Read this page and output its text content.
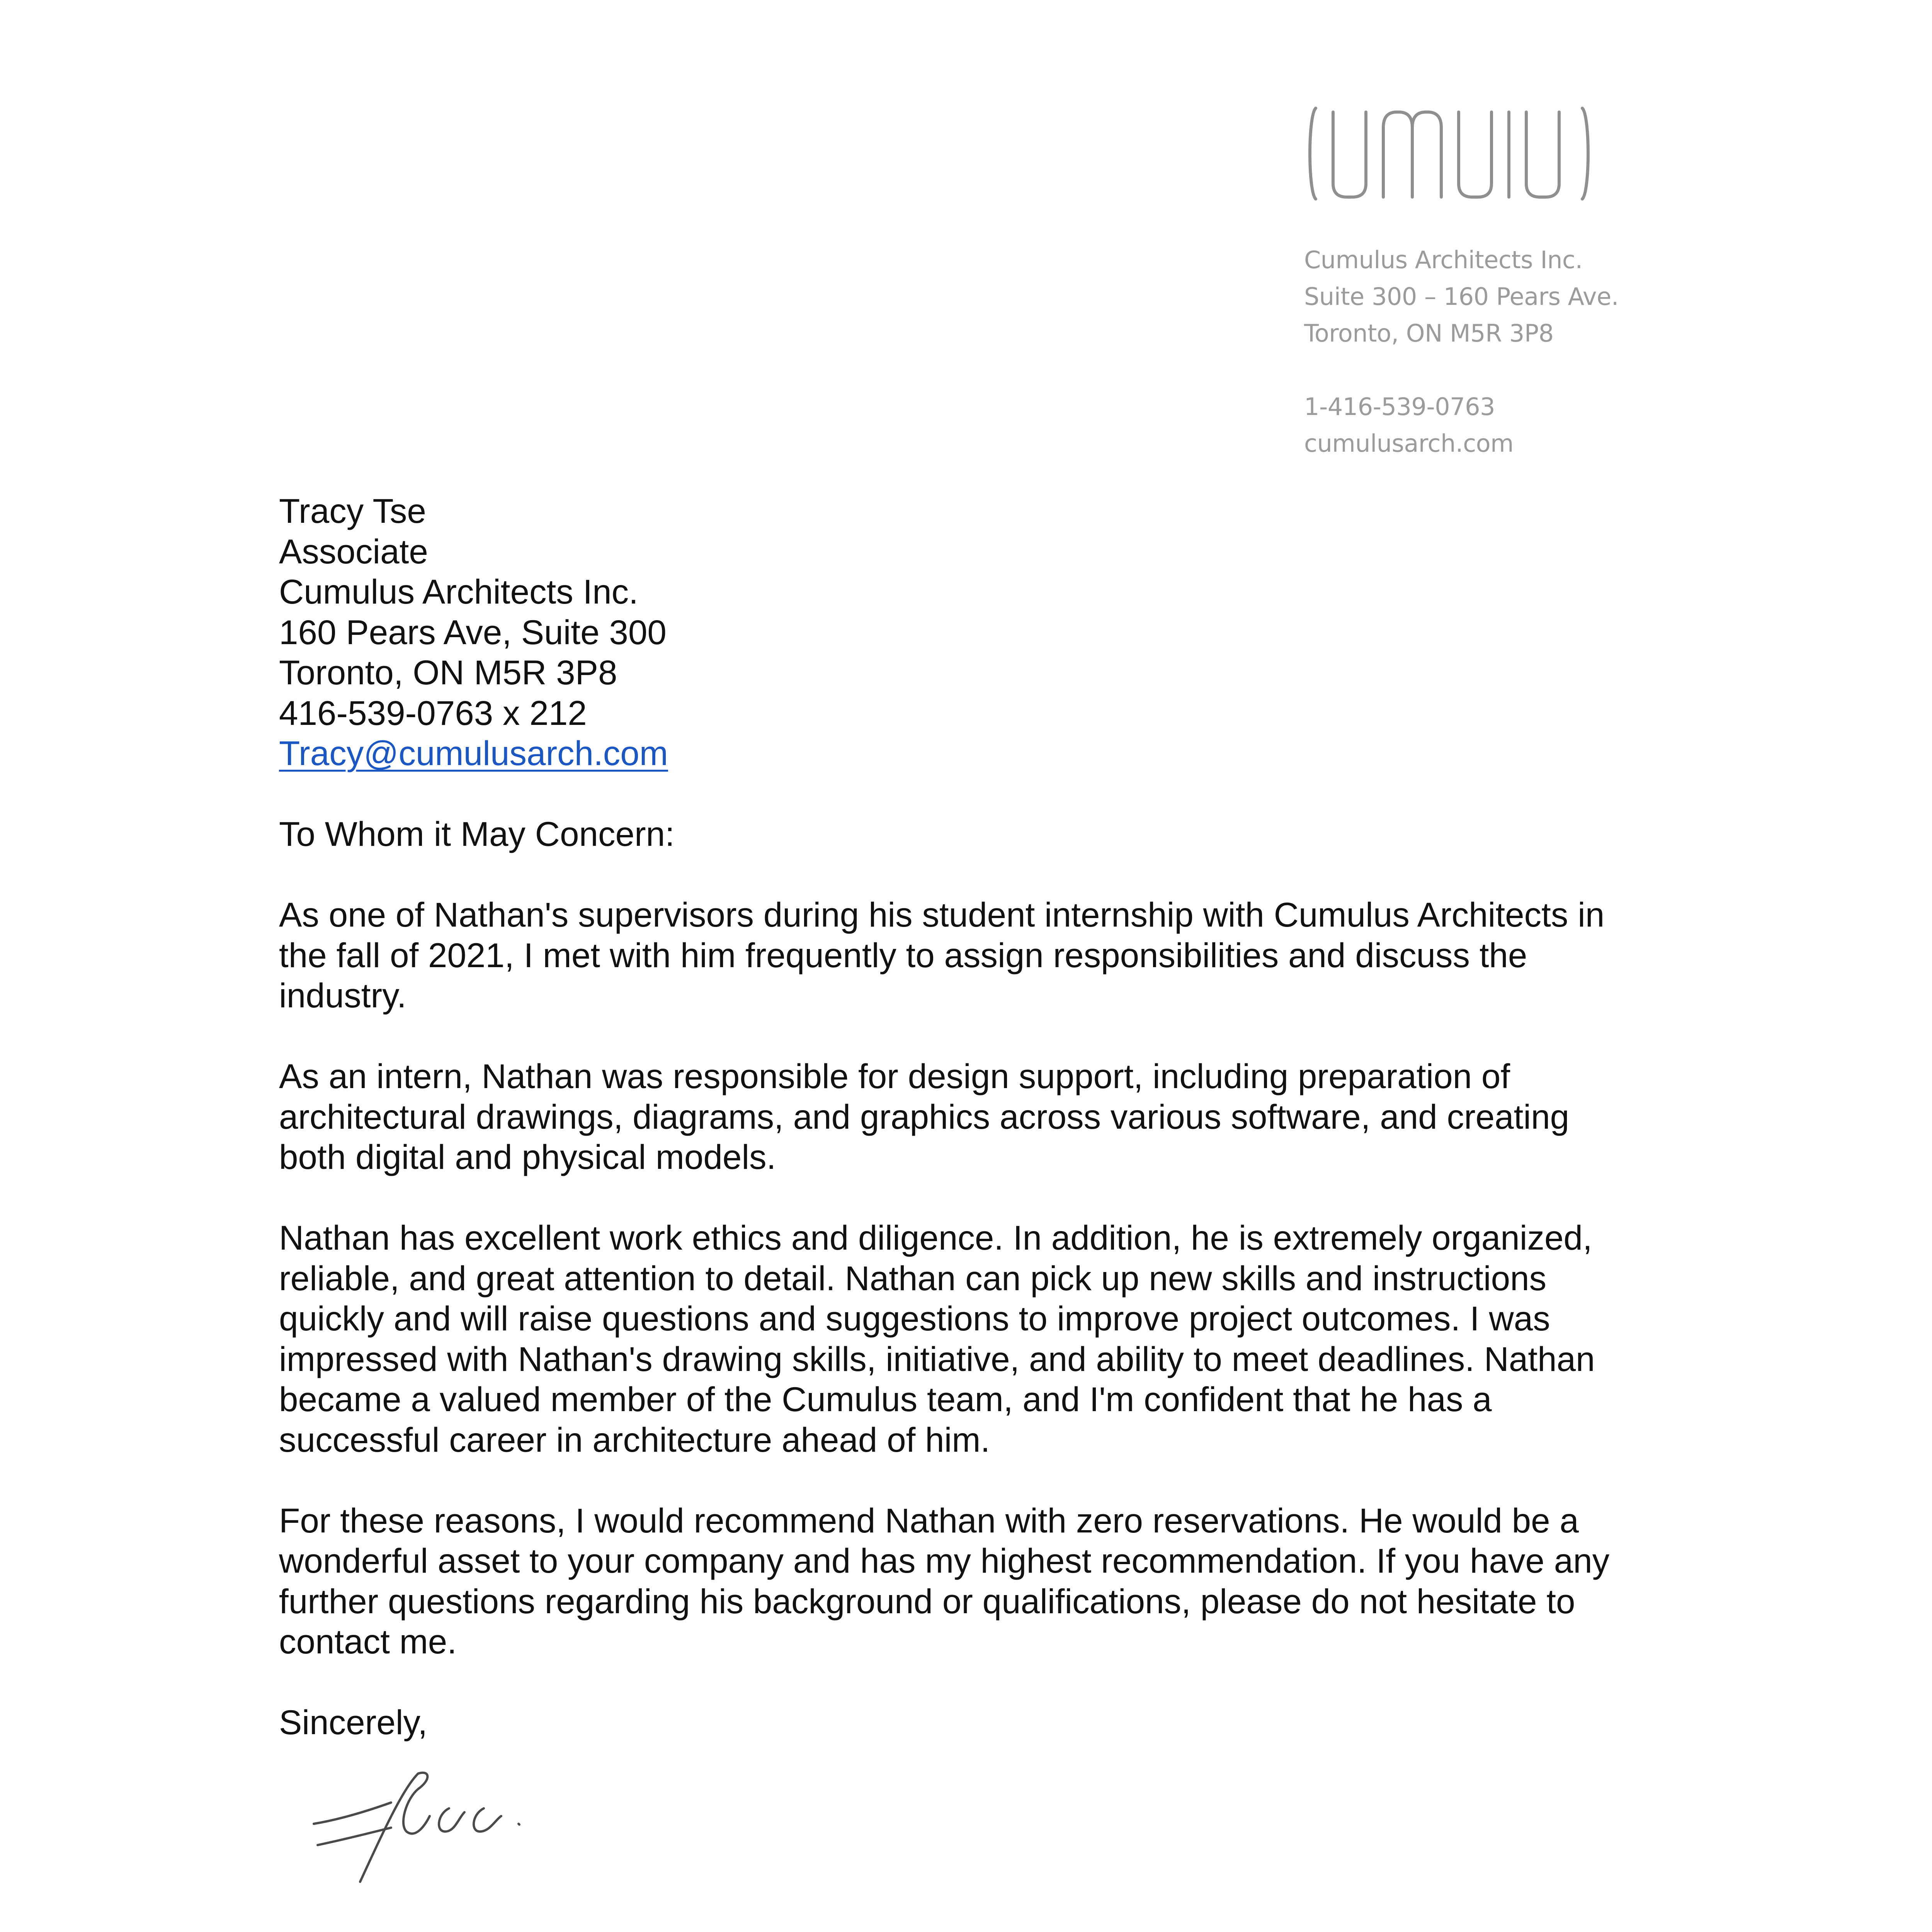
Cumulus Architects Inc.
Suite 300 – 160 Pears Ave.
Toronto, ON M5R 3P8
1-416-539-0763
cumulusarch.com
Tracy Tse
Associate
Cumulus Architects Inc.
160 Pears Ave, Suite 300
Toronto, ON M5R 3P8
416-539-0763 x 212
Tracy@cumulusarch.com
To Whom it May Concern:
As one of Nathan's supervisors during his student internship with Cumulus Architects in
the fall of 2021, I met with him frequently to assign responsibilities and discuss the
industry.
As an intern, Nathan was responsible for design support, including preparation of
architectural drawings, diagrams, and graphics across various software, and creating
both digital and physical models.
Nathan has excellent work ethics and diligence. In addition, he is extremely organized,
reliable, and great attention to detail. Nathan can pick up new skills and instructions
quickly and will raise questions and suggestions to improve project outcomes. I was
impressed with Nathan's drawing skills, initiative, and ability to meet deadlines. Nathan
became a valued member of the Cumulus team, and I'm confident that he has a
successful career in architecture ahead of him.
For these reasons, I would recommend Nathan with zero reservations. He would be a
wonderful asset to your company and has my highest recommendation. If you have any
further questions regarding his background or qualifications, please do not hesitate to
contact me.
Sincerely,
